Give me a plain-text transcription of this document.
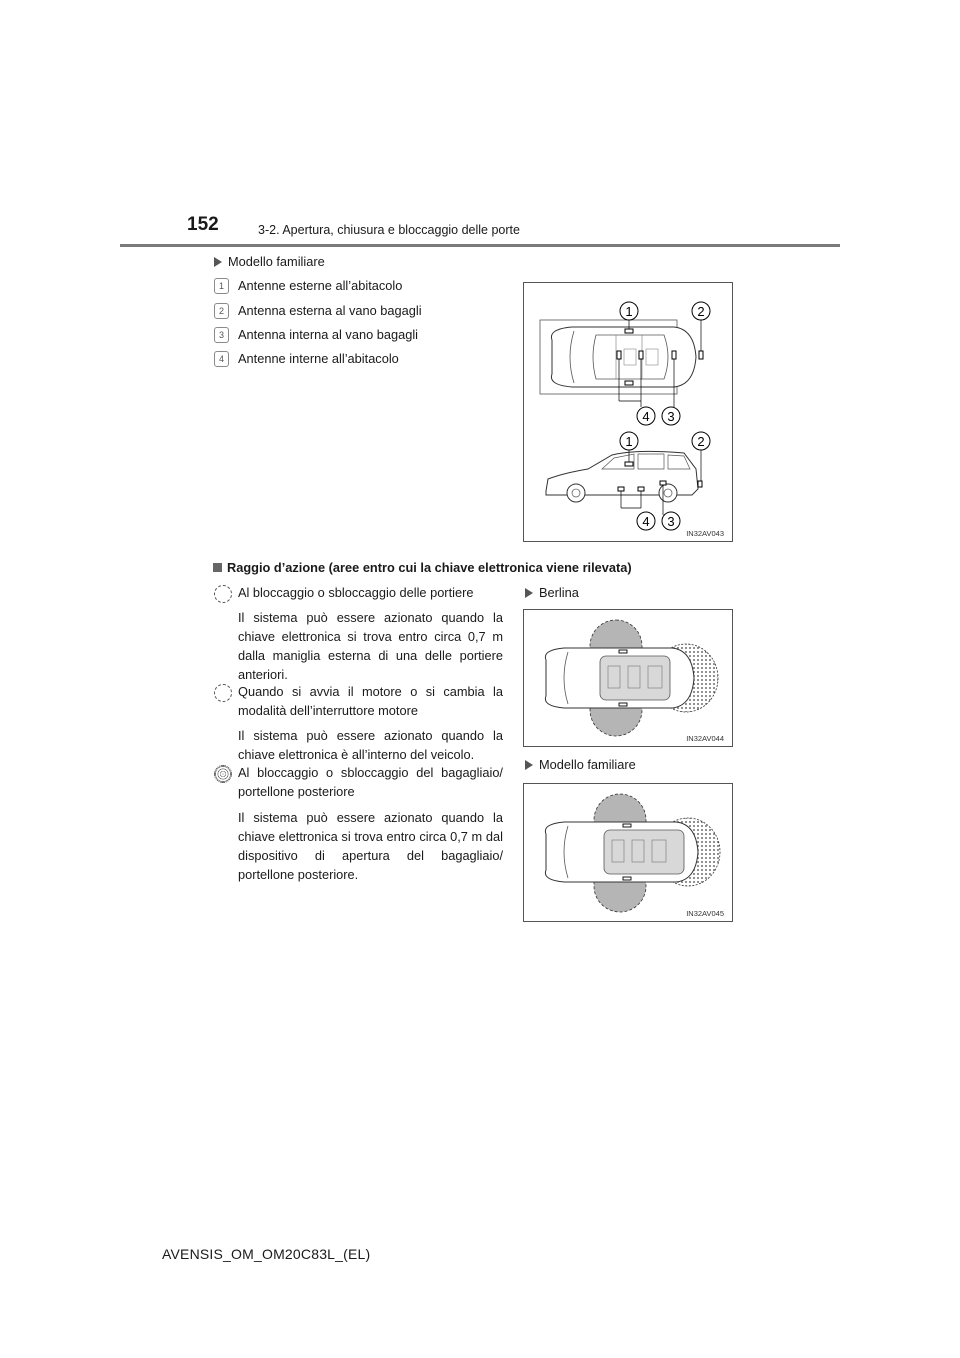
152	3-2. Apertura, chiusura e bloccaggio delle porte
Modello familiare
1	Antenne esterne all’abitacolo
2	Antenna esterna al vano bagagli
3	Antenna interna al vano bagagli
4	Antenne interne all’abitacolo
1	2
4 3
1	2
4 3
IN32AV043
Raggio d’azione (aree entro cui la chiave elettronica viene rilevata)
Al bloccaggio o sbloccaggio delle portiere
Il sistema può essere azionato quando la chiave elettronica si trova entro circa 0,7 m dalla maniglia esterna di una delle portiere anteriori.
Quando si avvia il motore o si cambia la modalità dell’interruttore motore
Il sistema può essere azionato quando la chiave elettronica è all’interno del veicolo.
Al bloccaggio o sbloccaggio del bagagliaio/ portellone posteriore
Il sistema può essere azionato quando la chiave elettronica si trova entro circa 0,7 m dal dispositivo di apertura del bagagliaio/ portellone posteriore.
Berlina
IN32AV044
Modello familiare
IN32AV045
AVENSIS_OM_OM20C83L_(EL)
